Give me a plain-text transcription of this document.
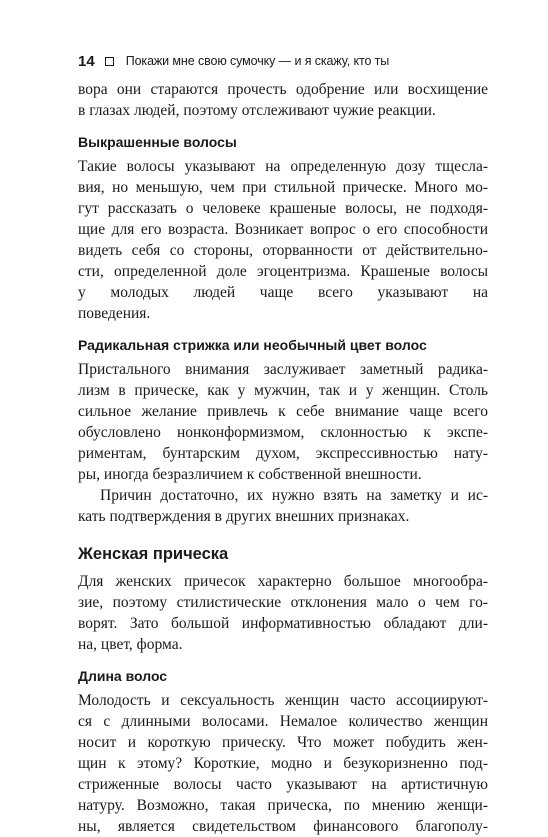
14 Покажи мне свою сумочку — и я скажу, кто ты

вора они стараются прочесть одобрение или восхищение
в глазах людей, поэтому отслеживают чужие реакции.

Выкрашенные волосы

Такие волосы указывают на определенную дозу тщесла-
вия, но меньшую, чем при стильной прическе. Много мо-
гут рассказать о человеке крашеные волосы, не подходя-
щие для его возраста. Возникает вопрос о его способности
видеть себя со стороны, оторванности от действительно-
сти, определенной доле эгоцентризма. Крашеные волосы
у молодых людей чаще всего указывают на
поведения.

Радикальная стрижка или необычный цвет волос

Пристального внимания заслуживает заметный радика-
лизм в прическе, как у мужчин, так и у женщин. Столь
сильное желание привлечь к себе внимание чаще всего
обусловлено нонконформизмом, склонностью к экспе-
риментам, бунтарским духом, экспрессивностью нату-
ры, иногда безразличием к собственной внешности.

Причин достаточно, их нужно взять на заметку и ис-
кать подтверждения в других внешних признаках.

Женская прическа

Для женских причесок характерно большое многообра-
зие, поэтому стилистические отклонения мало о чем го-
ворят. Зато большой информативностью обладают дли-
на, цвет, форма.

Длина волос

Молодость и сексуальность женщин часто ассоциируют-
ся с длинными волосами. Немалое количество женщин
носит и короткую прическу. Что может побудить жен-
щин к этому? Короткие, модно и безукоризненно под-
стриженные волосы часто указывают на артистичную
натуру. Возможно, такая прическа, по мнению женщи-
ны, является свидетельством финансового благополу-
